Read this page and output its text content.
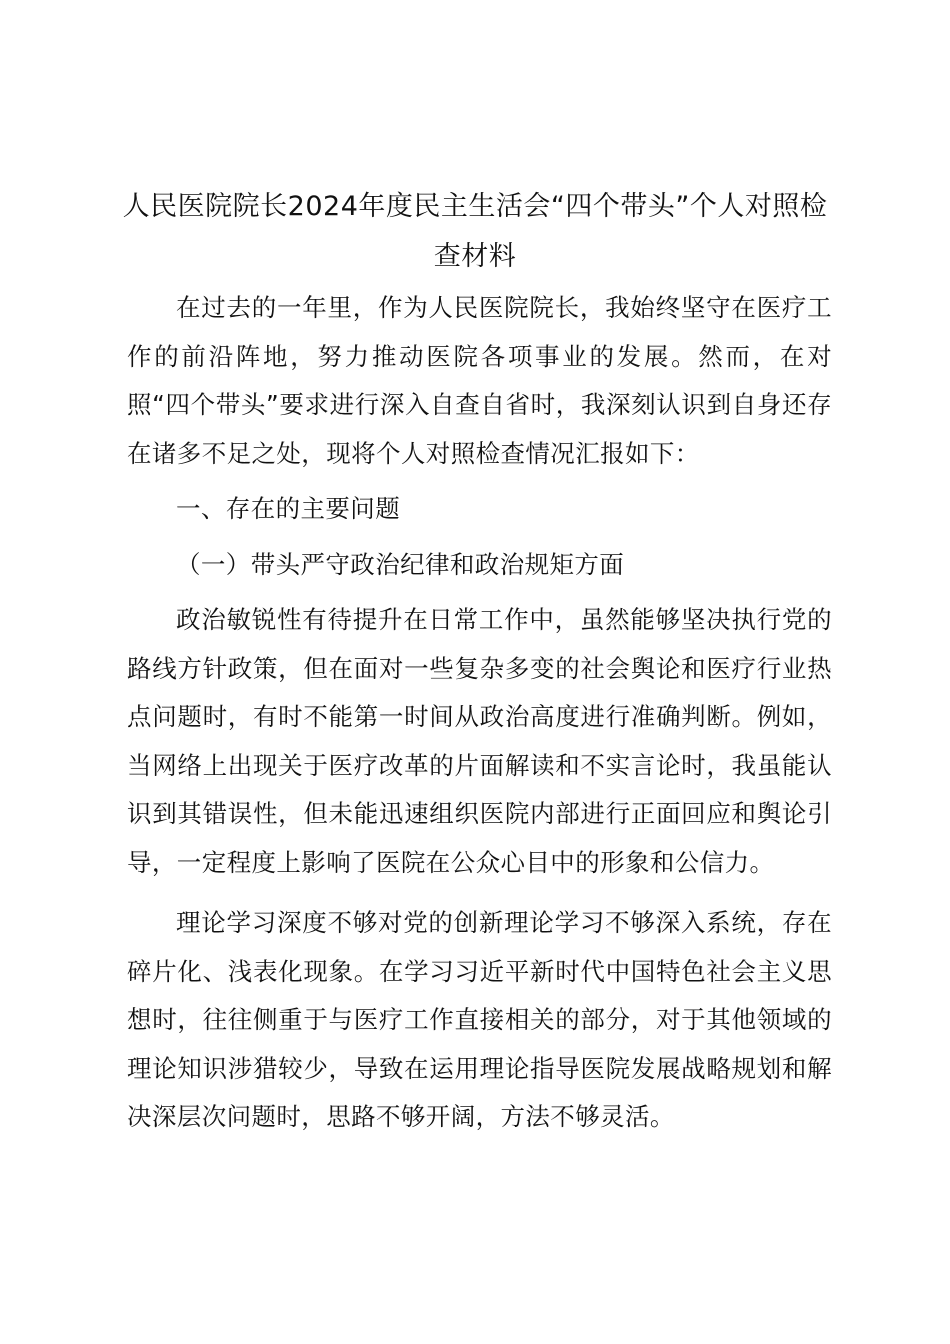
人民医院院长2024年度民主生活会“四个带头”个人对照检查材料

在过去的一年里，作为人民医院院长，我始终坚守在医疗工作的前沿阵地，努力推动医院各项事业的发展。然而，在对照“四个带头”要求进行深入自查自省时，我深刻认识到自身还存在诸多不足之处，现将个人对照检查情况汇报如下：

一、存在的主要问题

（一）带头严守政治纪律和政治规矩方面

政治敏锐性有待提升在日常工作中，虽然能够坚决执行党的路线方针政策，但在面对一些复杂多变的社会舆论和医疗行业热点问题时，有时不能第一时间从政治高度进行准确判断。例如，当网络上出现关于医疗改革的片面解读和不实言论时，我虽能认识到其错误性，但未能迅速组织医院内部进行正面回应和舆论引导，一定程度上影响了医院在公众心目中的形象和公信力。

理论学习深度不够对党的创新理论学习不够深入系统，存在碎片化、浅表化现象。在学习习近平新时代中国特色社会主义思想时，往往侧重于与医疗工作直接相关的部分，对于其他领域的理论知识涉猎较少，导致在运用理论指导医院发展战略规划和解决深层次问题时，思路不够开阔，方法不够灵活。
